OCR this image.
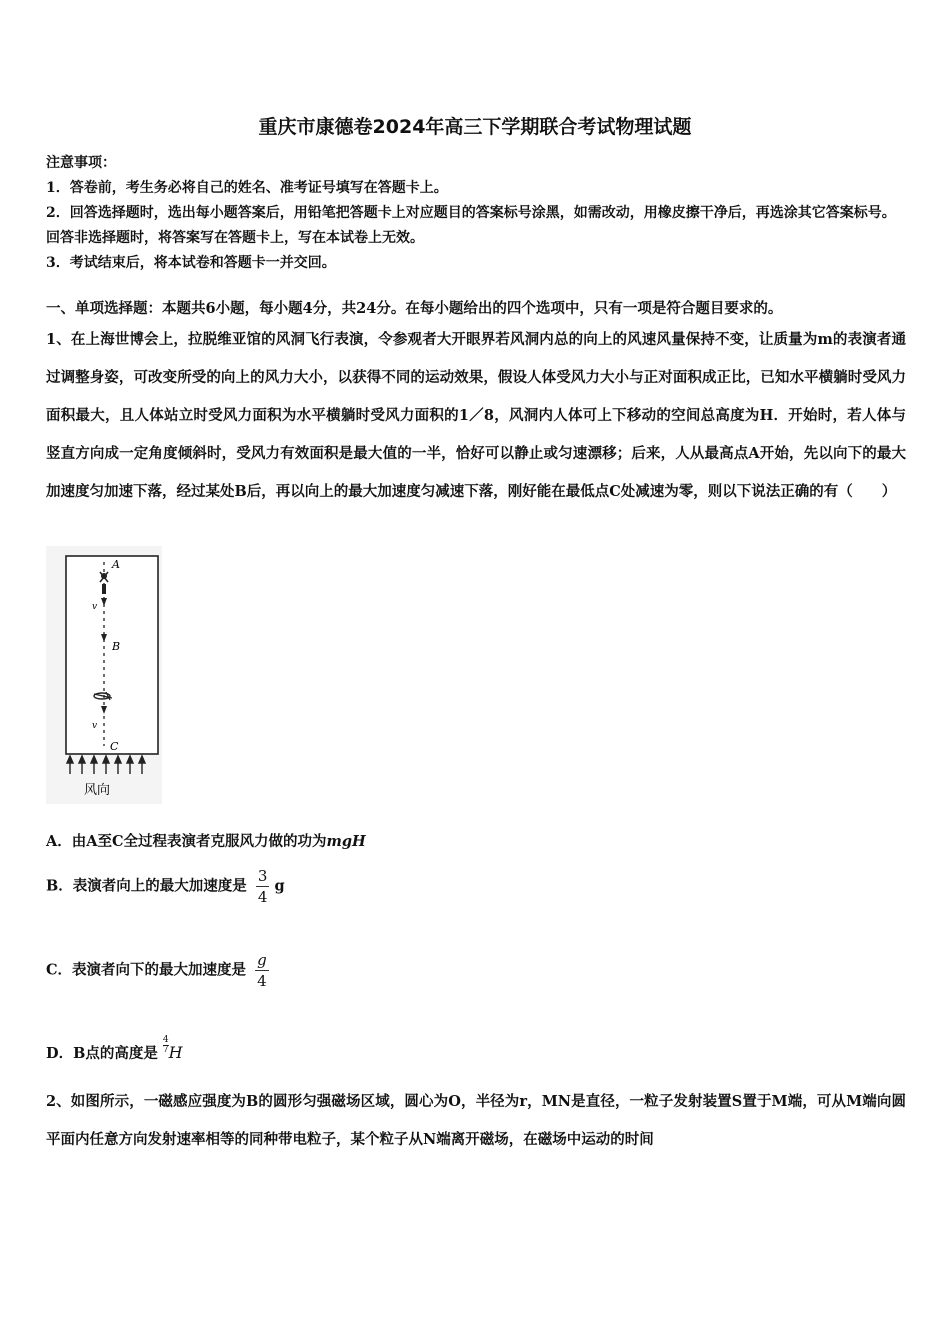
重庆市康德卷2024年高三下学期联合考试物理试题

注意事项：

1．答卷前，考生务必将自己的姓名、准考证号填写在答题卡上。

2．回答选择题时，选出每小题答案后，用铅笔把答题卡上对应题目的答案标号涂黑，如需改动，用橡皮擦干净后，再选涂其它答案标号。回答非选择题时，将答案写在答题卡上，写在本试卷上无效。

3．考试结束后，将本试卷和答题卡一并交回。

一、单项选择题：本题共6小题，每小题4分，共24分。在每小题给出的四个选项中，只有一项是符合题目要求的。
1、在上海世博会上，拉脱维亚馆的风洞飞行表演，令参观者大开眼界若风洞内总的向上的风速风量保持不变，让质量为m的表演者通过调整身姿，可改变所受的向上的风力大小，以获得不同的运动效果，假设人体受风力大小与正对面积成正比，已知水平横躺时受风力面积最大，且人体站立时受风力面积为水平横躺时受风力面积的1／8，风洞内人体可上下移动的空间总高度为H．开始时，若人体与竖直方向成一定角度倾斜时，受风力有效面积是最大值的一半，恰好可以静止或匀速漂移；后来，人从最高点A开始，先以向下的最大加速度匀加速下落，经过某处B后，再以向上的最大加速度匀减速下落，刚好能在最低点C处减速为零，则以下说法正确的有（　　）
A
v
B
v
C
风向
A．由A至C全过程表演者克服风力做的功为mgH
B．表演者向上的最大加速度是 $\frac{3}{4}$ g
C．表演者向下的最大加速度是 $\frac{g}{4}$
D．B点的高度是 $\frac{4}{7}$ H
2、如图所示，一磁感应强度为B的圆形匀强磁场区域，圆心为O，半径为r，MN是直径，一粒子发射装置S置于M端，可从M端向圆平面内任意方向发射速率相等的同种带电粒子，某个粒子从N端离开磁场，在磁场中运动的时间
